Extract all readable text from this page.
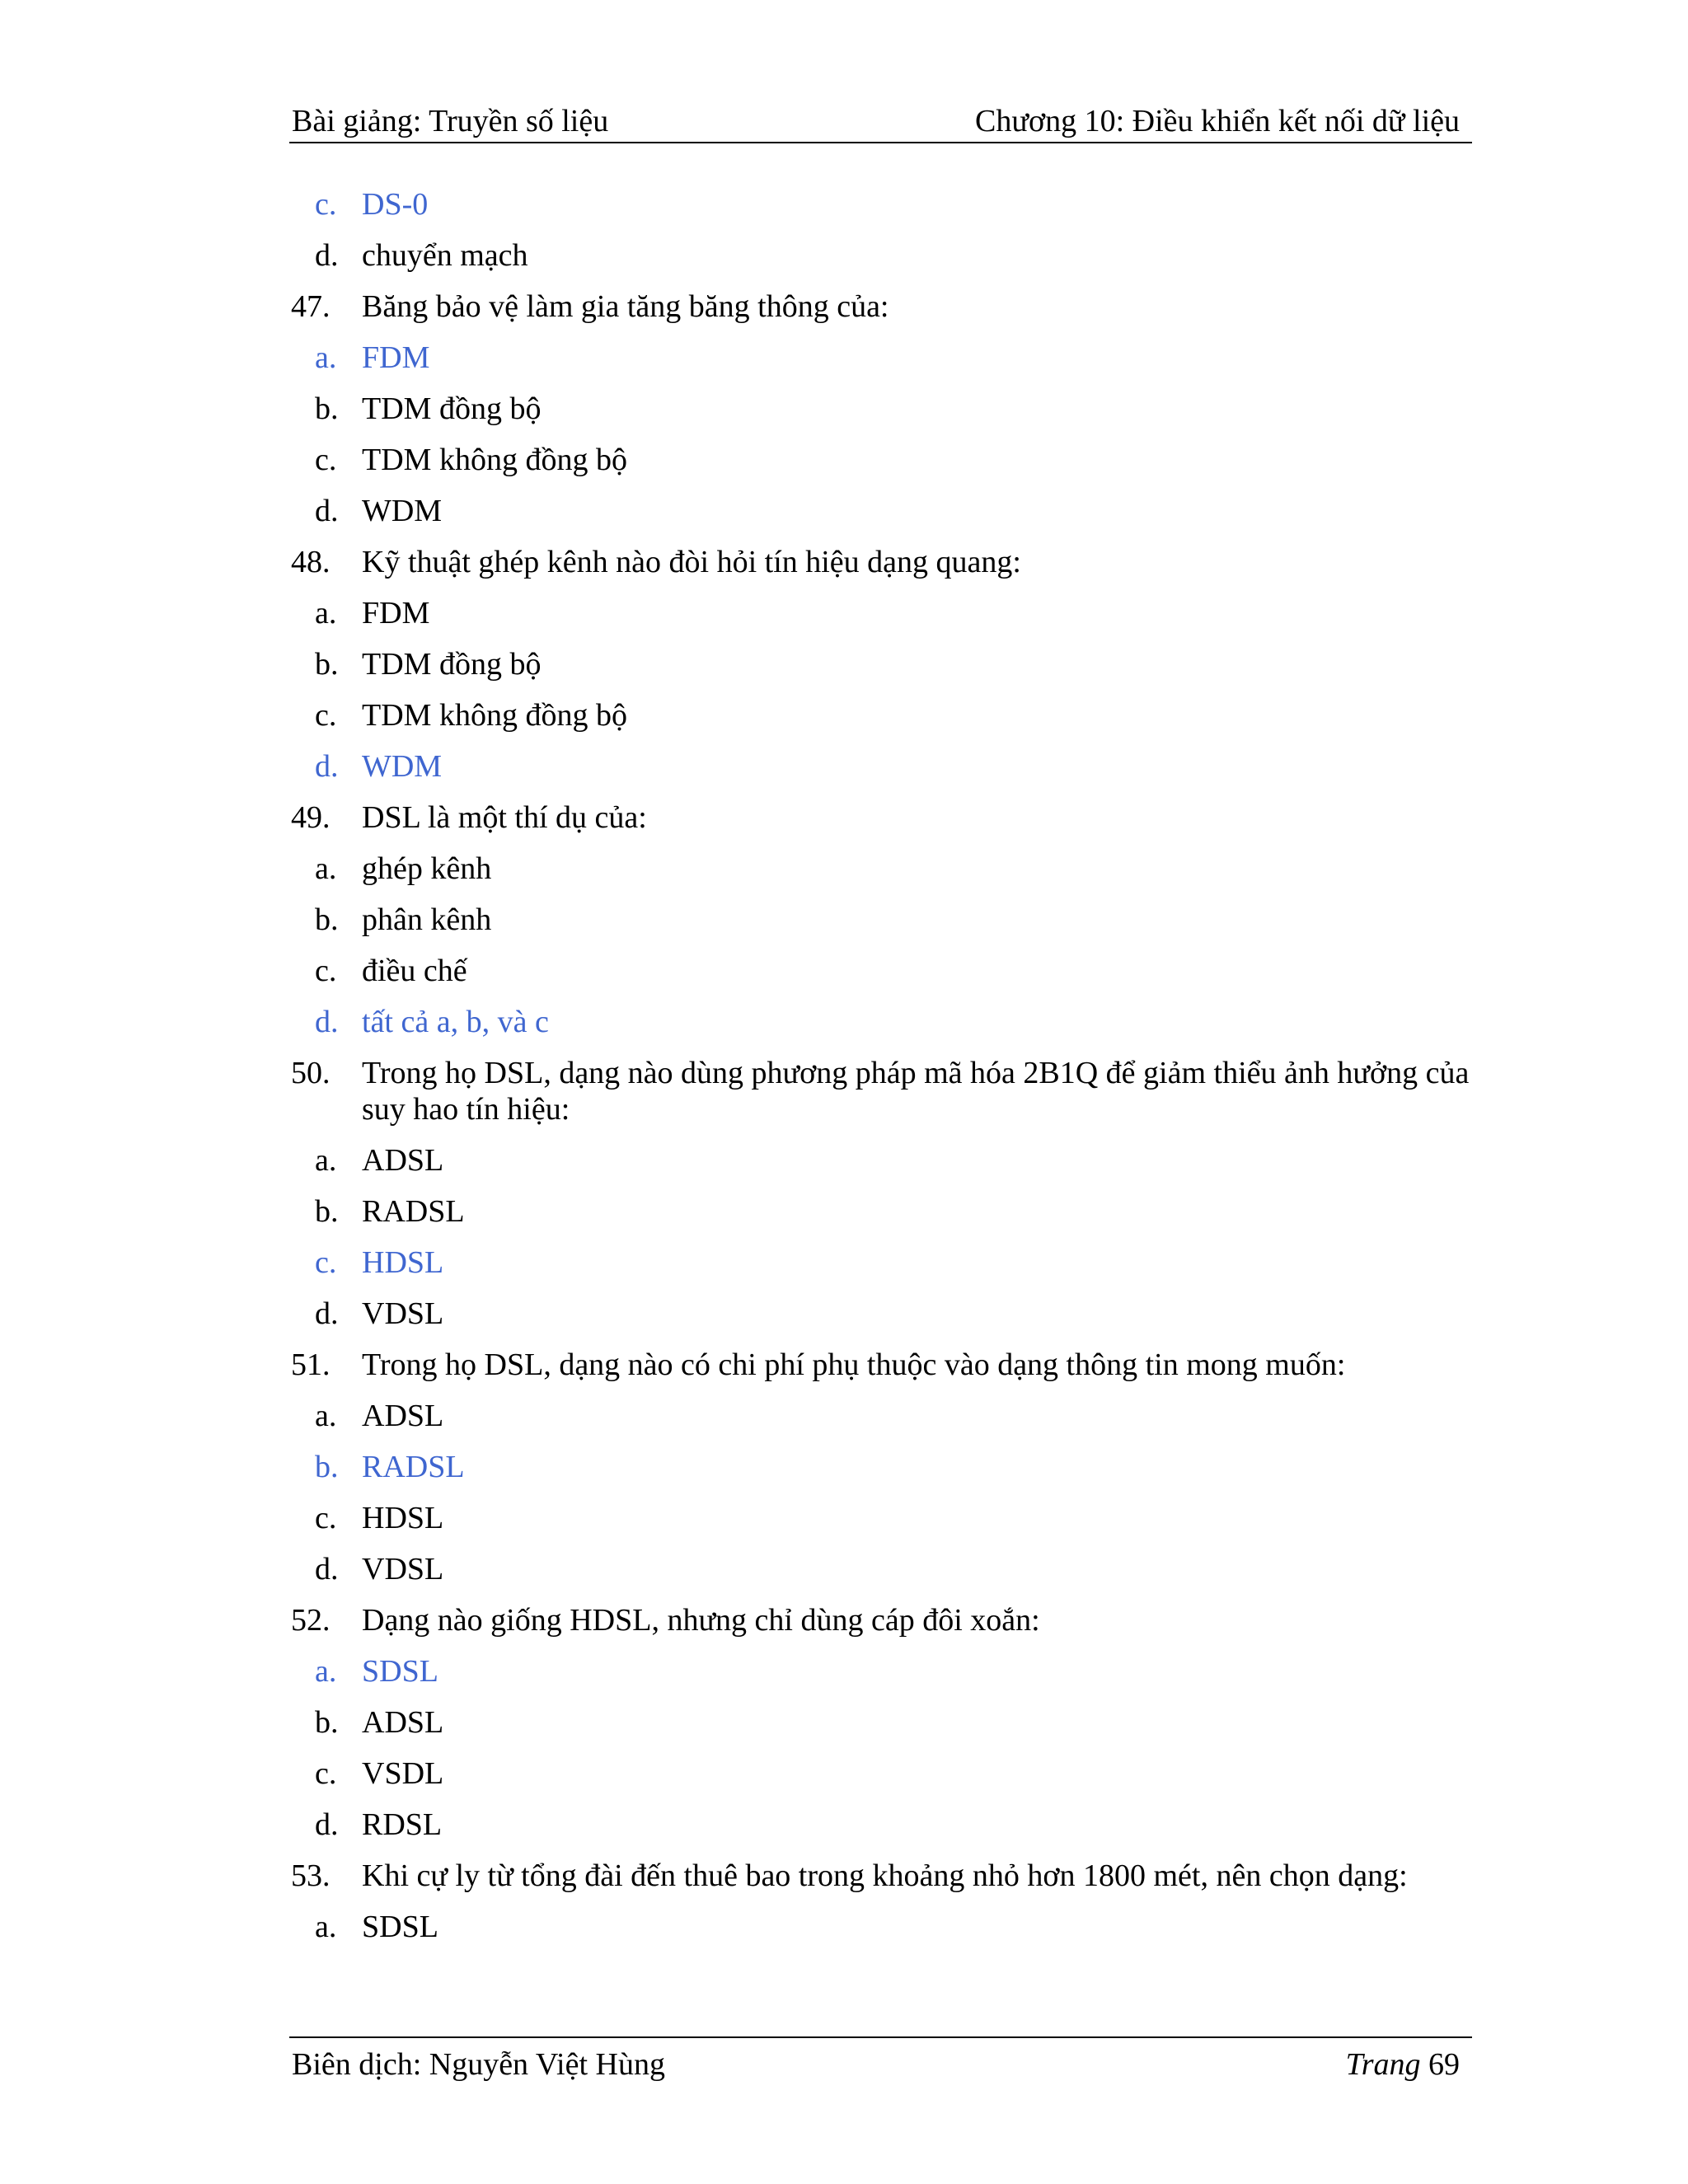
Bài giảng: Truyền số liệu	Chương 10: Điều khiển kết nối dữ liệu
c. DS-0
d. chuyển mạch
47. Băng bảo vệ làm gia tăng băng thông của:
a. FDM
b. TDM đồng bộ
c. TDM không đồng bộ
d. WDM
48. Kỹ thuật ghép kênh nào đòi hỏi tín hiệu dạng quang:
a. FDM
b. TDM đồng bộ
c. TDM không đồng bộ
d. WDM
49. DSL là một thí dụ của:
a. ghép kênh
b. phân kênh
c. điều chế
d. tất cả a, b, và c
50. Trong họ DSL, dạng nào dùng phương pháp mã hóa 2B1Q để giảm thiểu ảnh hưởng của suy hao tín hiệu:
a. ADSL
b. RADSL
c. HDSL
d. VDSL
51. Trong họ DSL, dạng nào có chi phí phụ thuộc vào dạng thông tin mong muốn:
a. ADSL
b. RADSL
c. HDSL
d. VDSL
52. Dạng nào giống HDSL, nhưng chỉ dùng cáp đôi xoắn:
a. SDSL
b. ADSL
c. VSDL
d. RDSL
53. Khi cự ly từ tổng đài đến thuê bao trong khoảng nhỏ hơn 1800 mét, nên chọn dạng:
a. SDSL
Biên dịch: Nguyễn Việt Hùng	Trang 69
